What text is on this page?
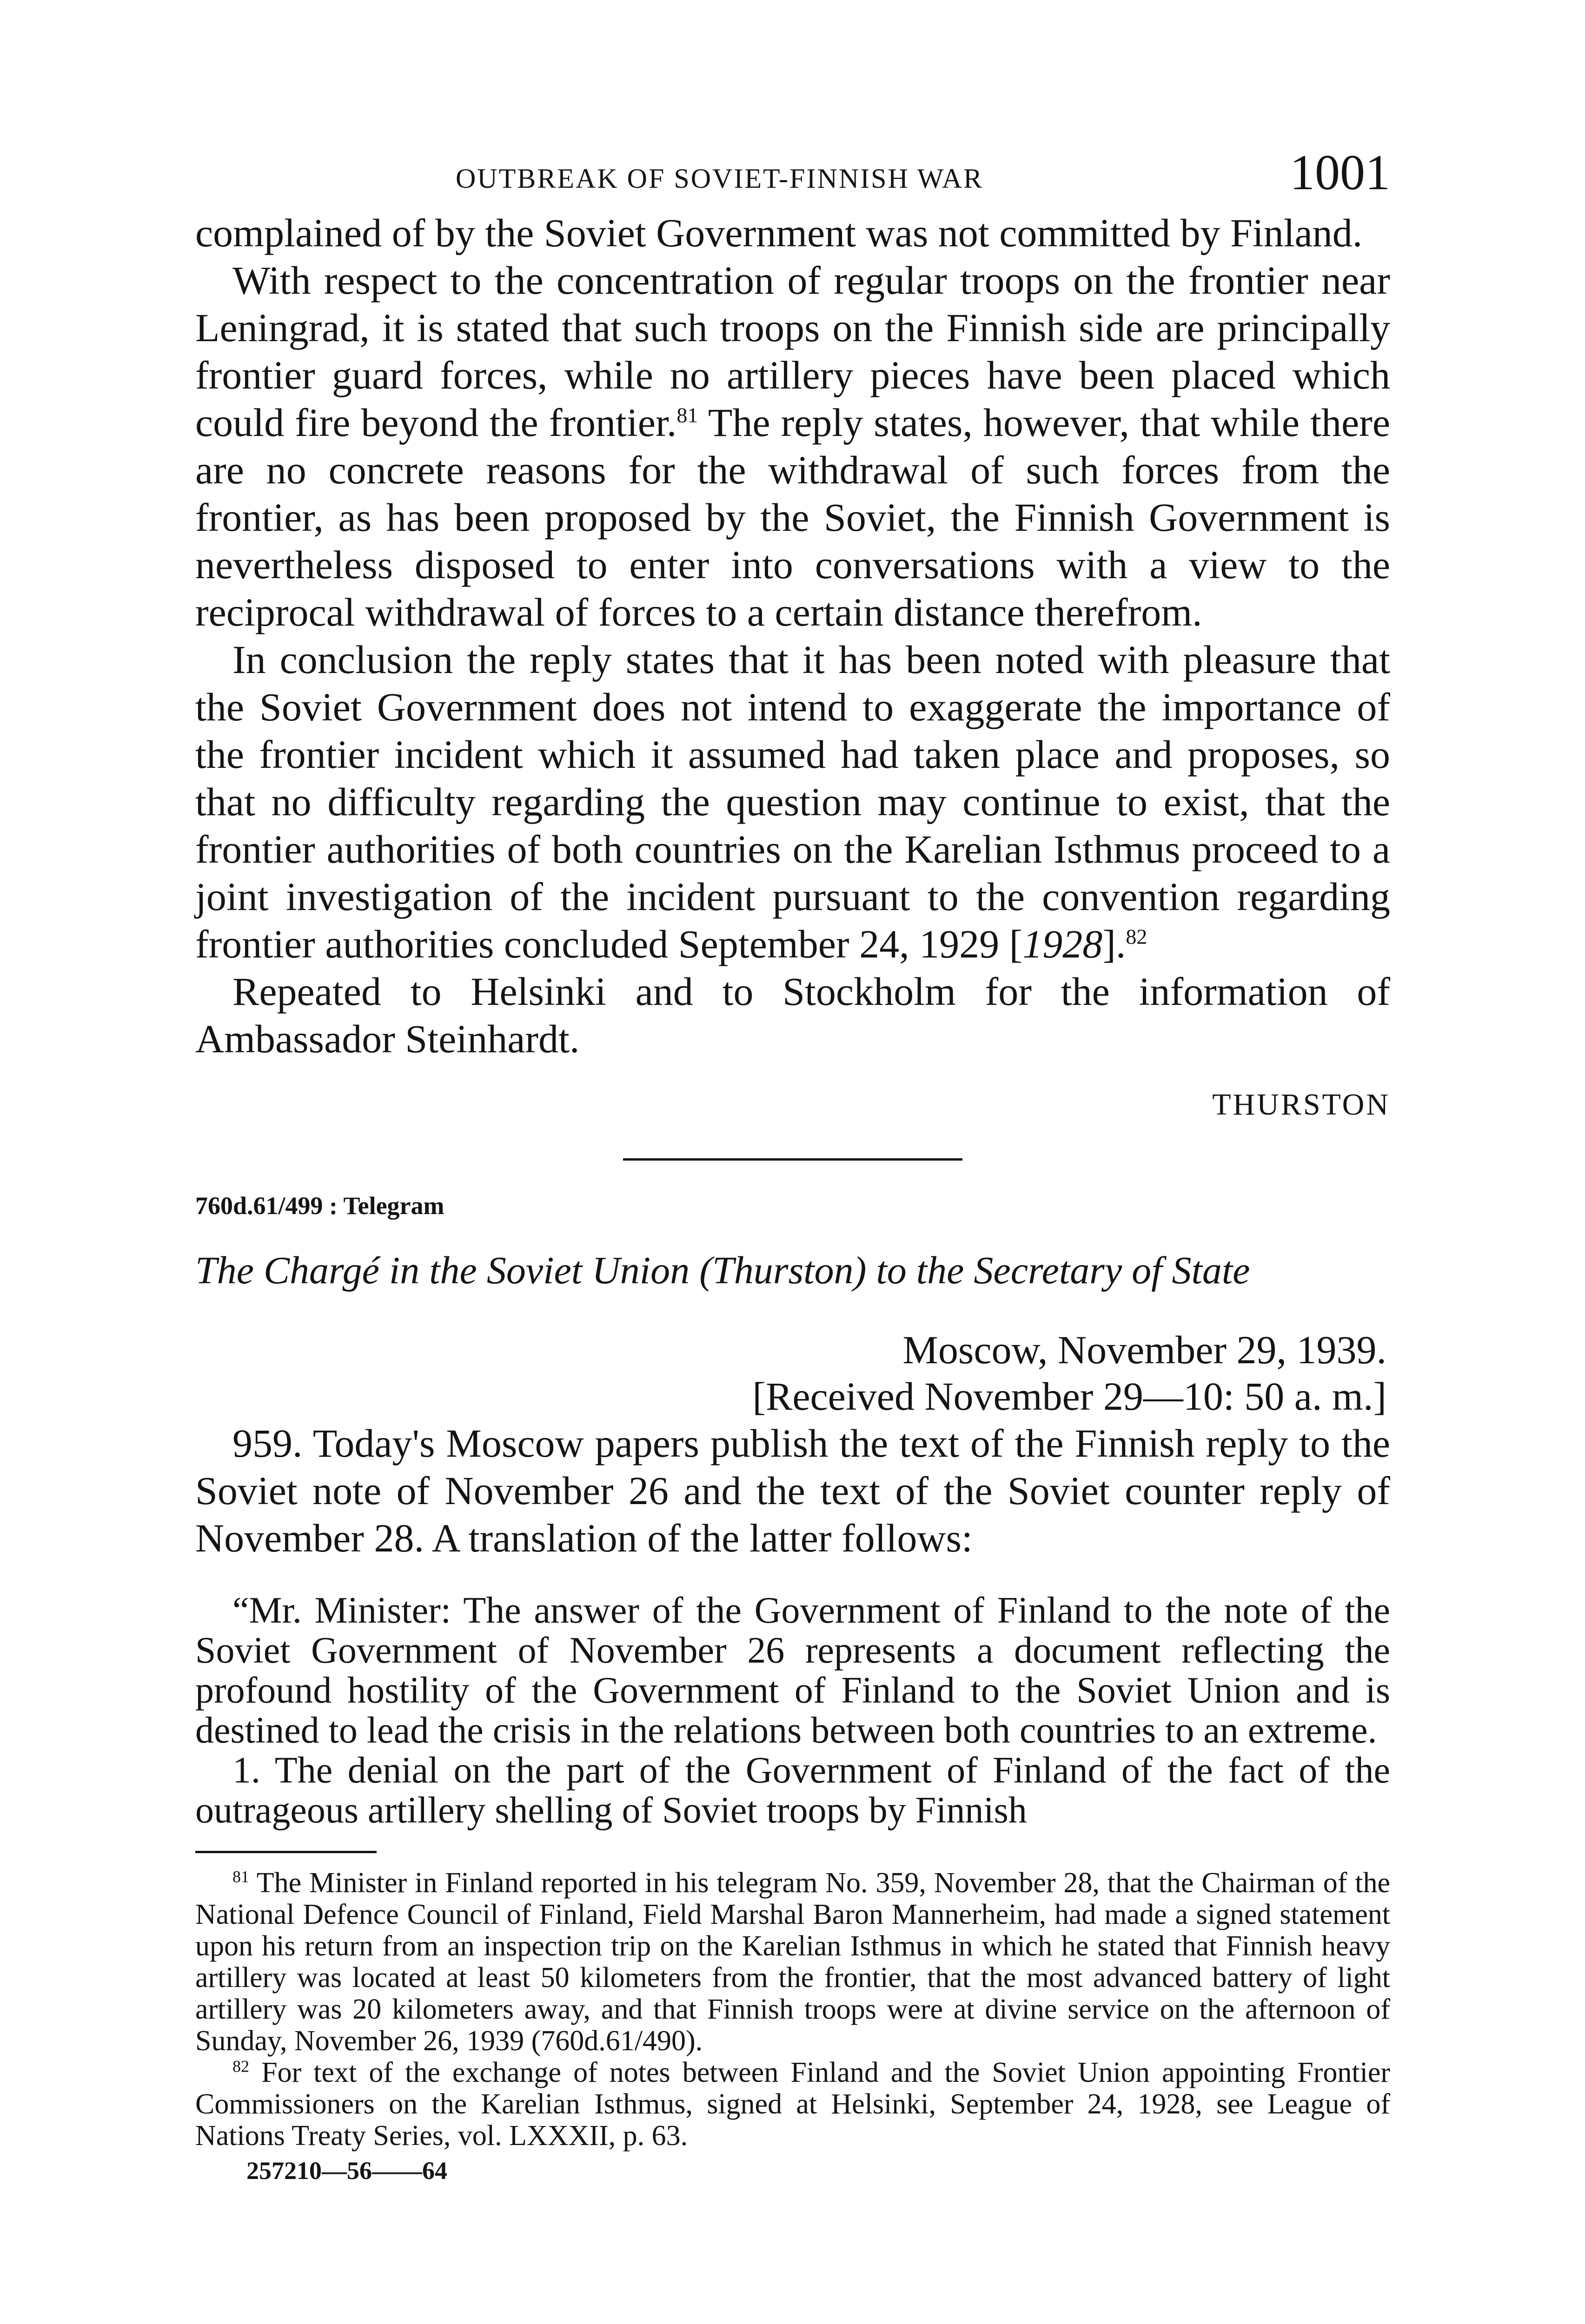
OUTBREAK OF SOVIET-FINNISH WAR	1001

complained of by the Soviet Government was not committed by Finland.

With respect to the concentration of regular troops on the frontier near Leningrad, it is stated that such troops on the Finnish side are principally frontier guard forces, while no artillery pieces have been placed which could fire beyond the frontier.$^{81}$ The reply states, however, that while there are no concrete reasons for the withdrawal of such forces from the frontier, as has been proposed by the Soviet, the Finnish Government is nevertheless disposed to enter into conversations with a view to the reciprocal withdrawal of forces to a certain distance therefrom.

In conclusion the reply states that it has been noted with pleasure that the Soviet Government does not intend to exaggerate the importance of the frontier incident which it assumed had taken place and proposes, so that no difficulty regarding the question may continue to exist, that the frontier authorities of both countries on the Karelian Isthmus proceed to a joint investigation of the incident pursuant to the convention regarding frontier authorities concluded September 24, 1929 [1928].$^{82}$

Repeated to Helsinki and to Stockholm for the information of Ambassador Steinhardt.

THURSTON
760d.61/499 : Telegram
The Chargé in the Soviet Union (Thurston) to the Secretary of State
Moscow, November 29, 1939.
[Received November 29—10: 50 a. m.]

959. Today's Moscow papers publish the text of the Finnish reply to the Soviet note of November 26 and the text of the Soviet counter reply of November 28. A translation of the latter follows:

“Mr. Minister: The answer of the Government of Finland to the note of the Soviet Government of November 26 represents a document reflecting the profound hostility of the Government of Finland to the Soviet Union and is destined to lead the crisis in the relations between both countries to an extreme.

1. The denial on the part of the Government of Finland of the fact of the outrageous artillery shelling of Soviet troops by Finnish

$^{81}$ The Minister in Finland reported in his telegram No. 359, November 28, that the Chairman of the National Defence Council of Finland, Field Marshal Baron Mannerheim, had made a signed statement upon his return from an inspection trip on the Karelian Isthmus in which he stated that Finnish heavy artillery was located at least 50 kilometers from the frontier, that the most advanced battery of light artillery was 20 kilometers away, and that Finnish troops were at divine service on the afternoon of Sunday, November 26, 1939 (760d.61/490).

$^{82}$ For text of the exchange of notes between Finland and the Soviet Union appointing Frontier Commissioners on the Karelian Isthmus, signed at Helsinki, September 24, 1928, see League of Nations Treaty Series, vol. LXXXII, p. 63.

257210—56——64
